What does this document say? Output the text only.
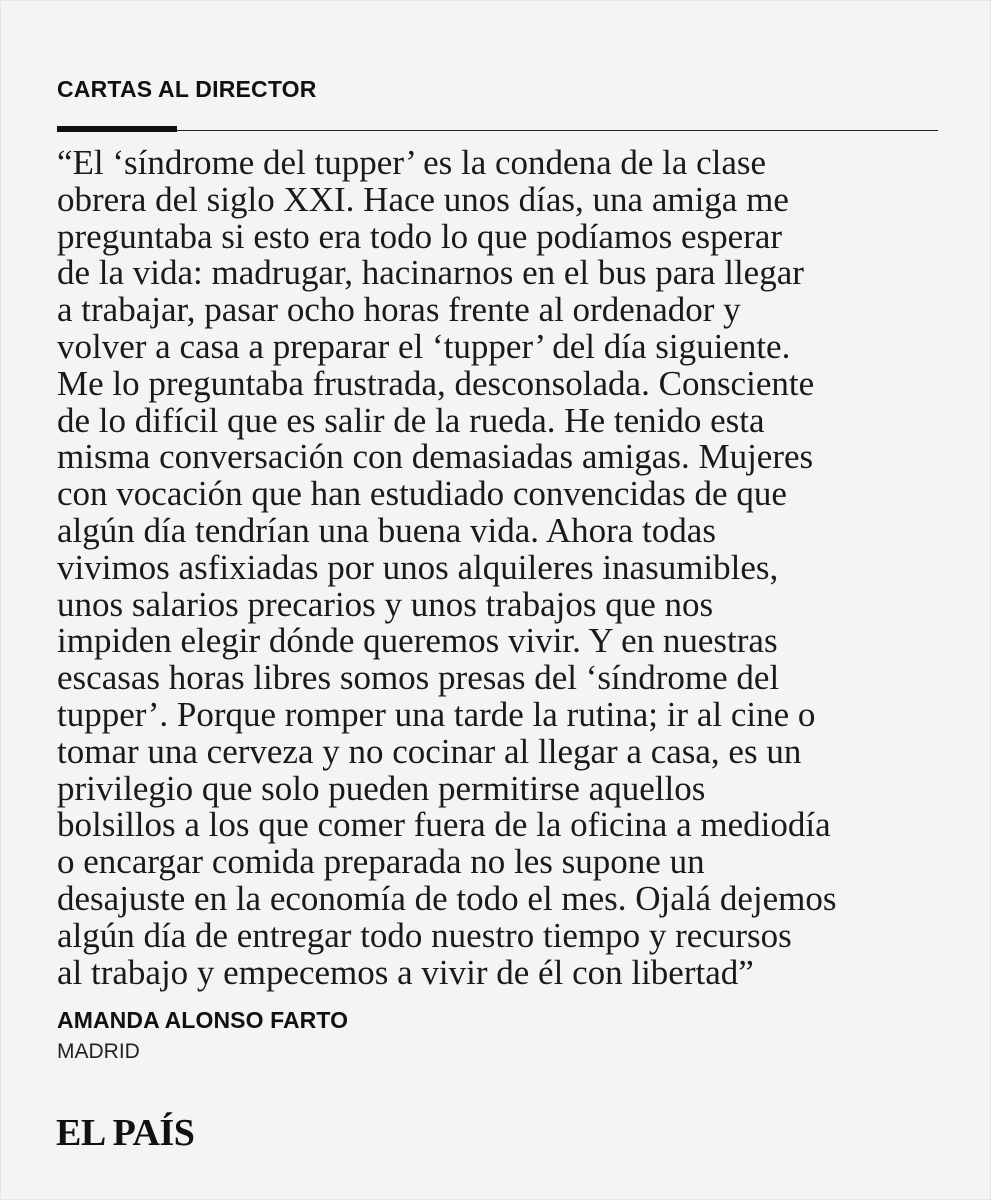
CARTAS AL DIRECTOR

“El ‘síndrome del tupper’ es la condena de la clase
obrera del siglo XXI. Hace unos días, una amiga me
preguntaba si esto era todo lo que podíamos esperar
de la vida: madrugar, hacinarnos en el bus para llegar
a trabajar, pasar ocho horas frente al ordenador y
volver a casa a preparar el ‘tupper’ del día siguiente.
Me lo preguntaba frustrada, desconsolada. Consciente
de lo difícil que es salir de la rueda. He tenido esta
misma conversación con demasiadas amigas. Mujeres
con vocación que han estudiado convencidas de que
algún día tendrían una buena vida. Ahora todas
vivimos asfixiadas por unos alquileres inasumibles,
unos salarios precarios y unos trabajos que nos
impiden elegir dónde queremos vivir. Y en nuestras
escasas horas libres somos presas del ‘síndrome del
tupper’. Porque romper una tarde la rutina; ir al cine o
tomar una cerveza y no cocinar al llegar a casa, es un
privilegio que solo pueden permitirse aquellos
bolsillos a los que comer fuera de la oficina a mediodía
o encargar comida preparada no les supone un
desajuste en la economía de todo el mes. Ojalá dejemos
algún día de entregar todo nuestro tiempo y recursos
al trabajo y empecemos a vivir de él con libertad”

AMANDA ALONSO FARTO
MADRID
EL PAÍS
